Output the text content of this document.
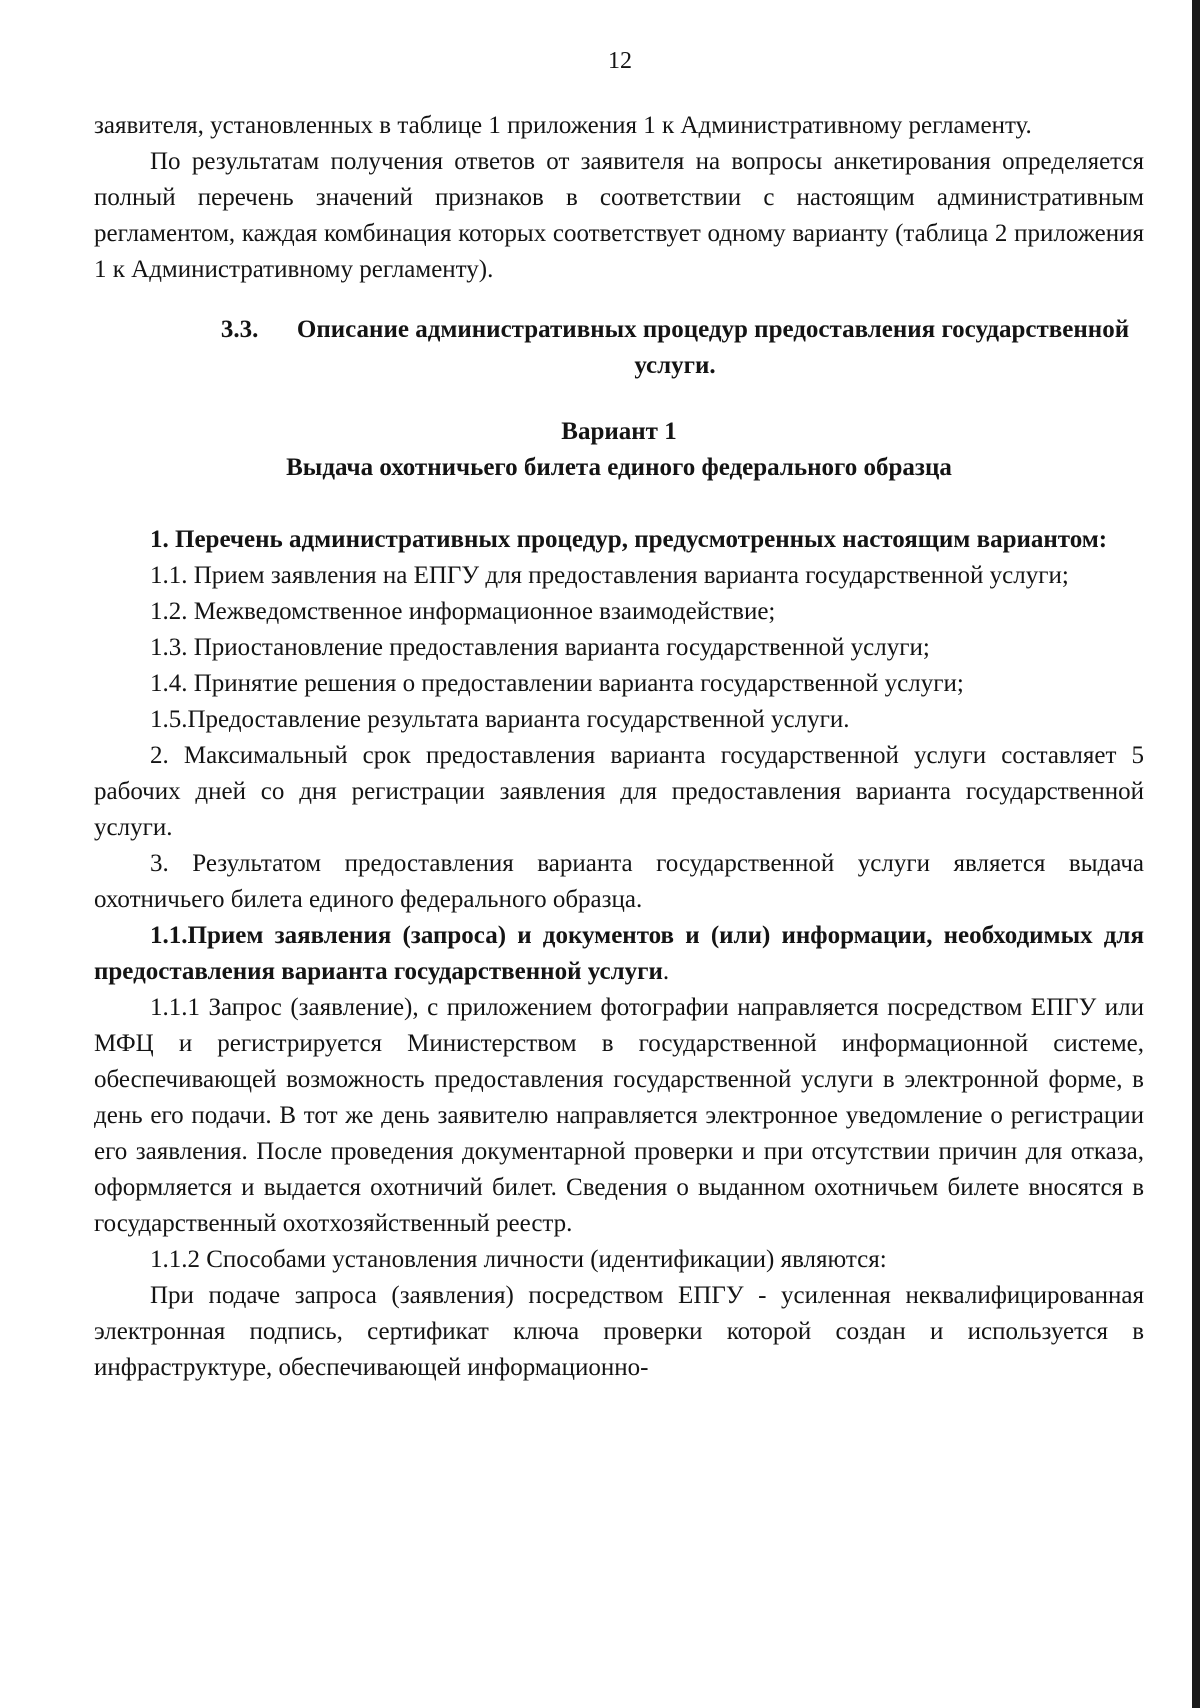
12

заявителя, установленных в таблице 1 приложения 1 к Административному регламенту.

По результатам получения ответов от заявителя на вопросы анкетирования определяется полный перечень значений признаков в соответствии с настоящим административным регламентом, каждая комбинация которых соответствует одному варианту (таблица 2 приложения 1 к Административному регламенту).

3.3. Описание административных процедур предоставления государственной услуги.
Вариант 1
Выдача охотничьего билета единого федерального образца

1. Перечень административных процедур, предусмотренных настоящим вариантом:

1.1. Прием заявления на ЕПГУ для предоставления варианта государственной услуги;

1.2. Межведомственное информационное взаимодействие;

1.3. Приостановление предоставления варианта государственной услуги;

1.4. Принятие решения о предоставлении варианта государственной услуги;

1.5.Предоставление результата варианта государственной услуги.

2. Максимальный срок предоставления варианта государственной услуги составляет 5 рабочих дней со дня регистрации заявления для предоставления варианта государственной услуги.

3. Результатом предоставления варианта государственной услуги является выдача охотничьего билета единого федерального образца.

1.1.Прием заявления (запроса) и документов и (или) информации, необходимых для предоставления варианта государственной услуги.

1.1.1 Запрос (заявление), с приложением фотографии направляется посредством ЕПГУ или МФЦ и регистрируется Министерством в государственной информационной системе, обеспечивающей возможность предоставления государственной услуги в электронной форме, в день его подачи. В тот же день заявителю направляется электронное уведомление о регистрации его заявления. После проведения документарной проверки и при отсутствии причин для отказа, оформляется и выдается охотничий билет. Сведения о выданном охотничьем билете вносятся в государственный охотхозяйственный реестр.

1.1.2 Способами установления личности (идентификации) являются:

При подаче запроса (заявления) посредством ЕПГУ - усиленная неквалифицированная электронная подпись, сертификат ключа проверки которой создан и используется в инфраструктуре, обеспечивающей информационно-
